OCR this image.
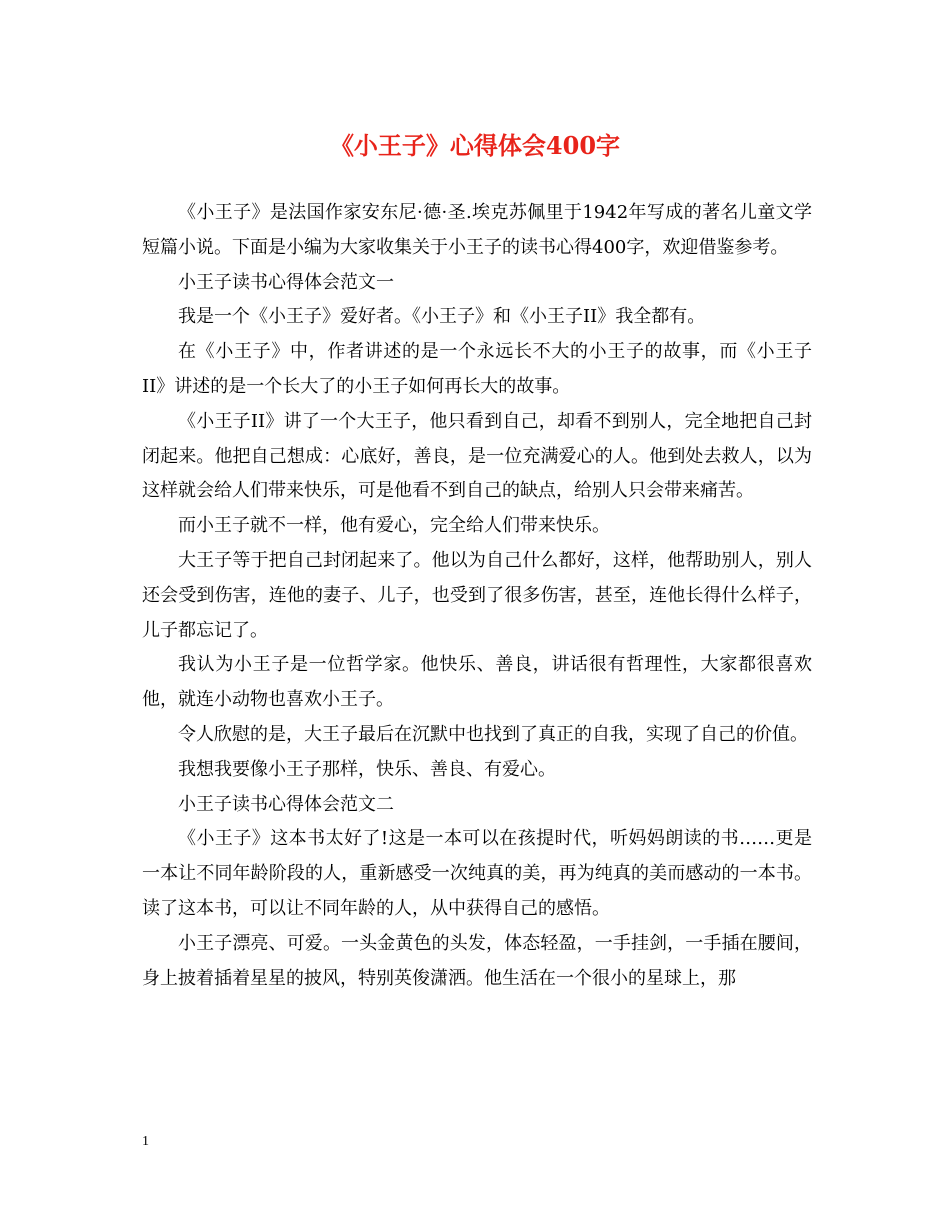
《小王子》心得体会400字

《小王子》是法国作家安东尼·德·圣.埃克苏佩里于1942年写成的著名儿童文学短篇小说。下面是小编为大家收集关于小王子的读书心得400字，欢迎借鉴参考。

小王子读书心得体会范文一

我是一个《小王子》爱好者。《小王子》和《小王子II》我全都有。

在《小王子》中，作者讲述的是一个永远长不大的小王子的故事，而《小王子II》讲述的是一个长大了的小王子如何再长大的故事。

《小王子II》讲了一个大王子，他只看到自己，却看不到别人，完全地把自己封闭起来。他把自己想成：心底好，善良，是一位充满爱心的人。他到处去救人，以为这样就会给人们带来快乐，可是他看不到自己的缺点，给别人只会带来痛苦。

而小王子就不一样，他有爱心，完全给人们带来快乐。

大王子等于把自己封闭起来了。他以为自己什么都好，这样，他帮助别人，别人还会受到伤害，连他的妻子、儿子，也受到了很多伤害，甚至，连他长得什么样子，儿子都忘记了。

我认为小王子是一位哲学家。他快乐、善良，讲话很有哲理性，大家都很喜欢他，就连小动物也喜欢小王子。

令人欣慰的是，大王子最后在沉默中也找到了真正的自我，实现了自己的价值。

我想我要像小王子那样，快乐、善良、有爱心。

小王子读书心得体会范文二

《小王子》这本书太好了!这是一本可以在孩提时代，听妈妈朗读的书……更是一本让不同年龄阶段的人，重新感受一次纯真的美，再为纯真的美而感动的一本书。读了这本书，可以让不同年龄的人，从中获得自己的感悟。

小王子漂亮、可爱。一头金黄色的头发，体态轻盈，一手挂剑，一手插在腰间，身上披着插着星星的披风，特别英俊潇洒。他生活在一个很小的星球上，那

1
